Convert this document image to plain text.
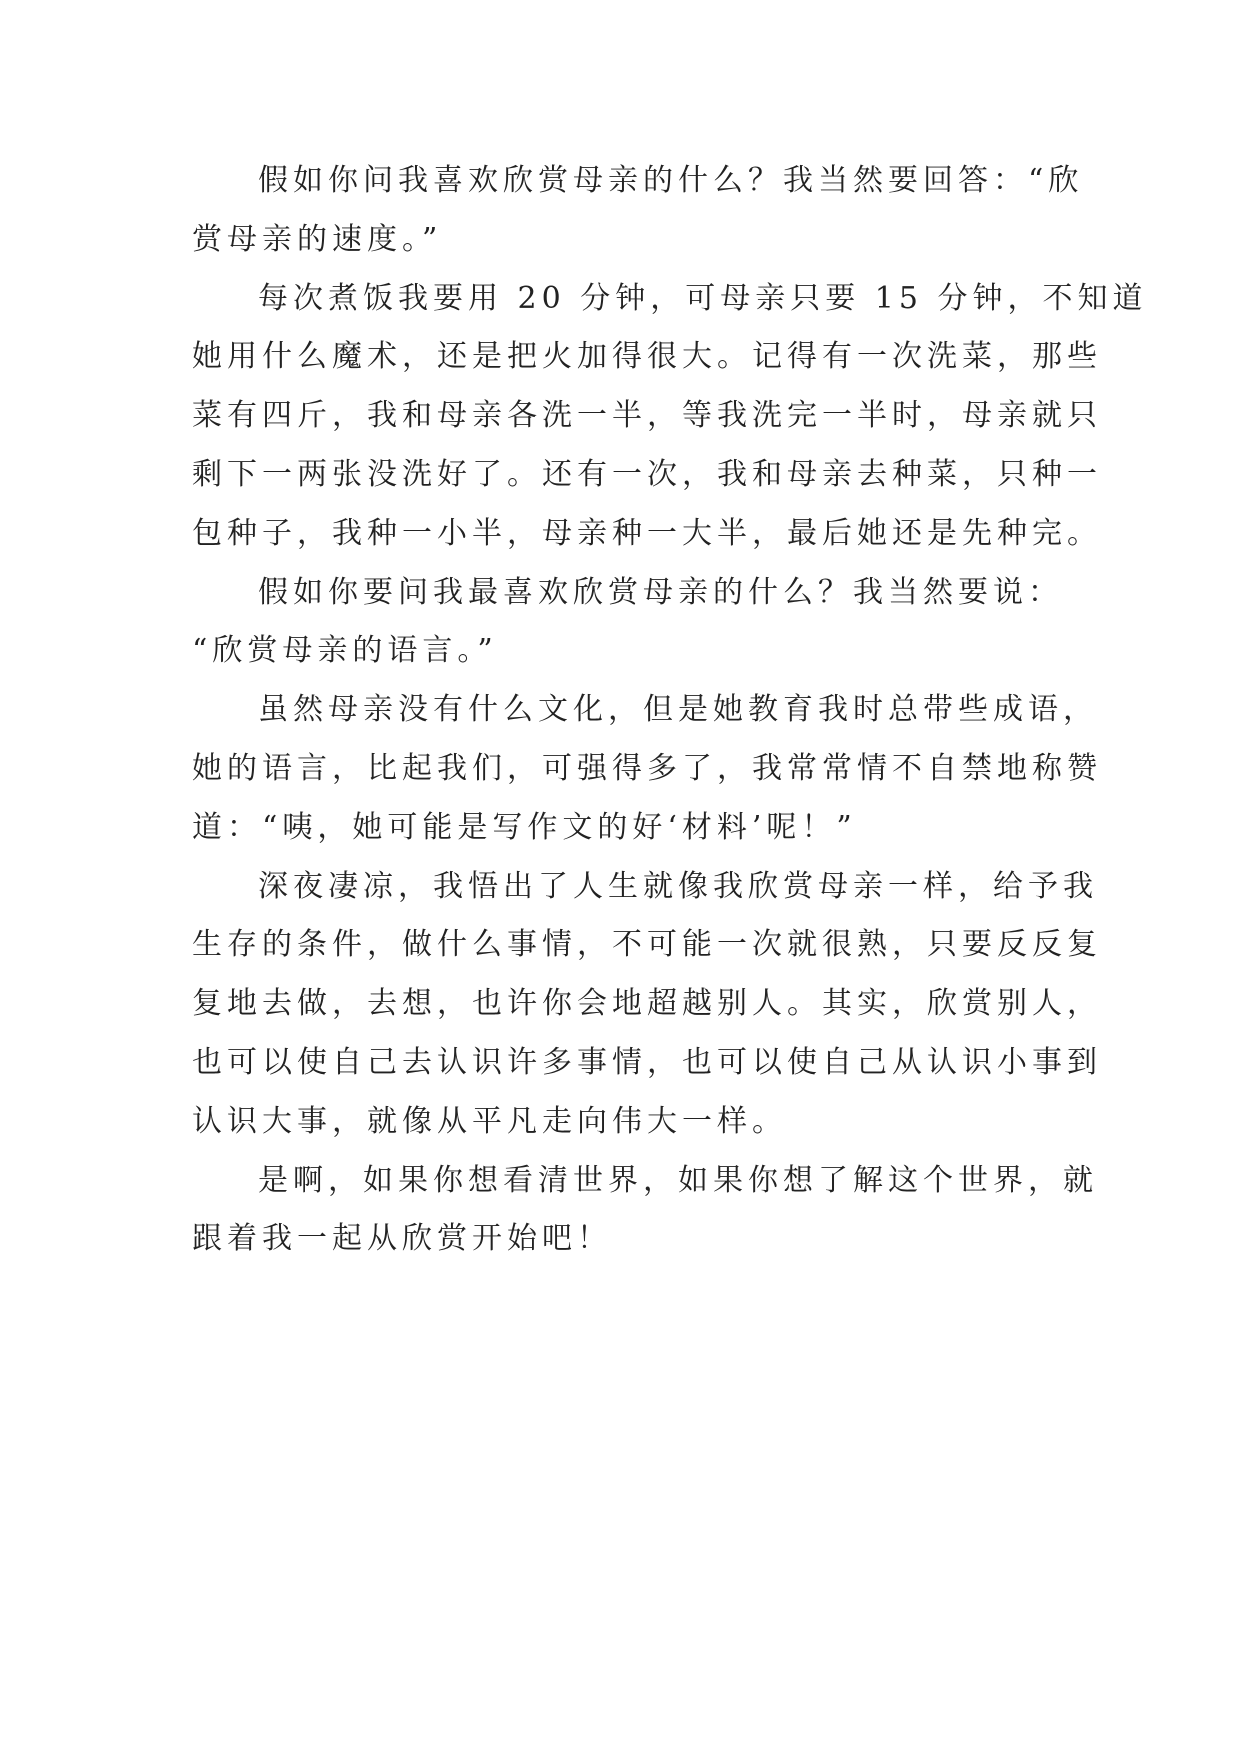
假如你问我喜欢欣赏母亲的什么？我当然要回答：“欣
赏母亲的速度。”
每次煮饭我要用 20 分钟，可母亲只要 15 分钟，不知道
她用什么魔术，还是把火加得很大。记得有一次洗菜，那些
菜有四斤，我和母亲各洗一半，等我洗完一半时，母亲就只
剩下一两张没洗好了。还有一次，我和母亲去种菜，只种一
包种子，我种一小半，母亲种一大半，最后她还是先种完。
假如你要问我最喜欢欣赏母亲的什么？我当然要说：
“欣赏母亲的语言。”
虽然母亲没有什么文化，但是她教育我时总带些成语，
她的语言，比起我们，可强得多了，我常常情不自禁地称赞
道：“咦，她可能是写作文的好‘材料’呢！”
深夜凄凉，我悟出了人生就像我欣赏母亲一样，给予我
生存的条件，做什么事情，不可能一次就很熟，只要反反复
复地去做，去想，也许你会地超越别人。其实，欣赏别人，
也可以使自己去认识许多事情，也可以使自己从认识小事到
认识大事，就像从平凡走向伟大一样。
是啊，如果你想看清世界，如果你想了解这个世界，就
跟着我一起从欣赏开始吧！
